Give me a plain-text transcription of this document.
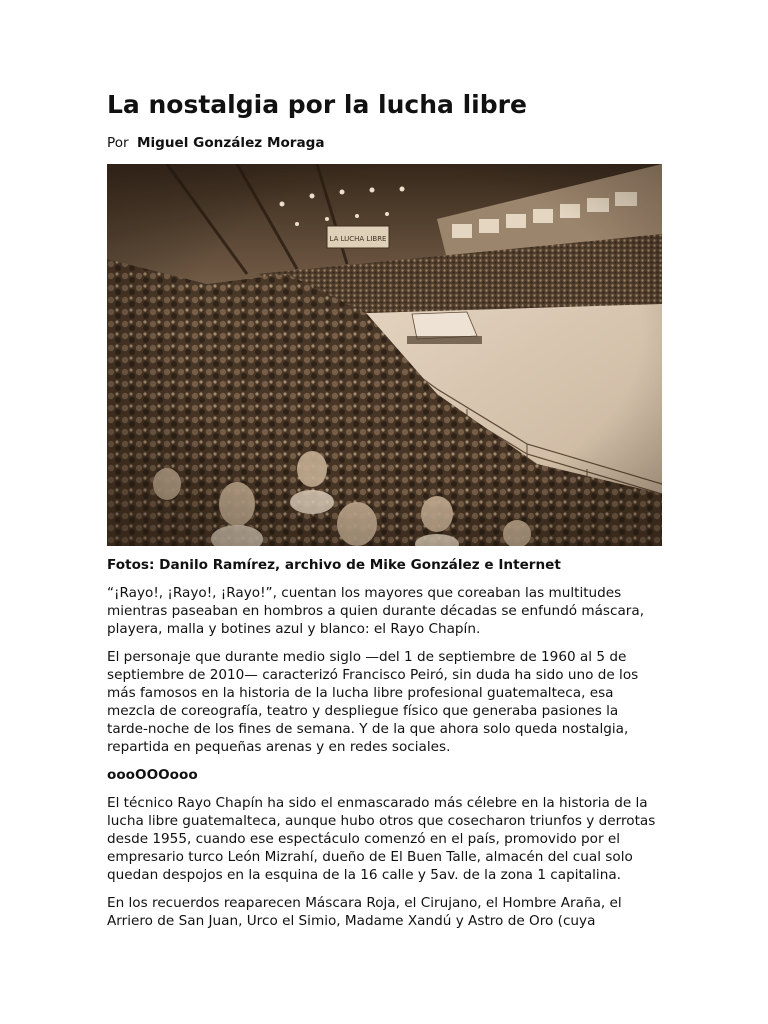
La nostalgia por la lucha libre
Por Miguel González Moraga
Fotos: Danilo Ramírez, archivo de Mike González e Internet

“¡Rayo!, ¡Rayo!, ¡Rayo!”, cuentan los mayores que coreaban las multitudes mientras paseaban en hombros a quien durante décadas se enfundó máscara, playera, malla y botines azul y blanco: el Rayo Chapín.

El personaje que durante medio siglo —del 1 de septiembre de 1960 al 5 de septiembre de 2010— caracterizó Francisco Peiró, sin duda ha sido uno de los más famosos en la historia de la lucha libre profesional guatemalteca, esa mezcla de coreografía, teatro y despliegue físico que generaba pasiones la tarde-noche de los fines de semana. Y de la que ahora solo queda nostalgia, repartida en pequeñas arenas y en redes sociales.

oooOOOooo

El técnico Rayo Chapín ha sido el enmascarado más célebre en la historia de la lucha libre guatemalteca, aunque hubo otros que cosecharon triunfos y derrotas desde 1955, cuando ese espectáculo comenzó en el país, promovido por el empresario turco León Mizrahí, dueño de El Buen Talle, almacén del cual solo quedan despojos en la esquina de la 16 calle y 5av. de la zona 1 capitalina.

En los recuerdos reaparecen Máscara Roja, el Cirujano, el Hombre Araña, el Arriero de San Juan, Urco el Simio, Madame Xandú y Astro de Oro (cuya
